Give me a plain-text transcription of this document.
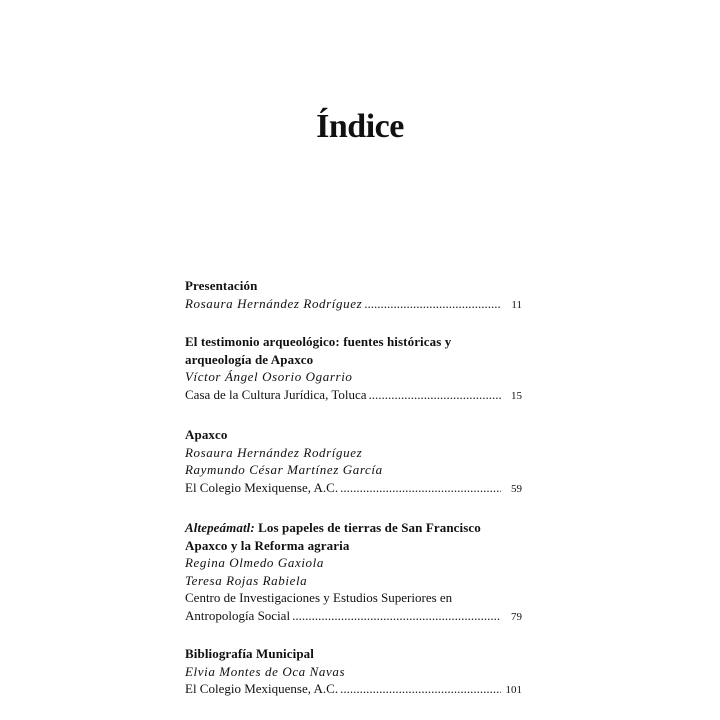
Índice
Presentación
Rosaura Hernández Rodríguez .....	11
El testimonio arqueológico: fuentes históricas y
arqueología de Apaxco
Víctor Ángel Osorio Ogarrio
Casa de la Cultura Jurídica, Toluca .....	15
Apaxco
Rosaura Hernández Rodríguez
Raymundo César Martínez García
El Colegio Mexiquense, A.C. .....	59
Altepeámatl: Los papeles de tierras de San Francisco
Apaxco y la Reforma agraria
Regina Olmedo Gaxiola
Teresa Rojas Rabiela
Centro de Investigaciones y Estudios Superiores en
Antropología Social .....	79
Bibliografía Municipal
Elvia Montes de Oca Navas
El Colegio Mexiquense, A.C. .....	101
